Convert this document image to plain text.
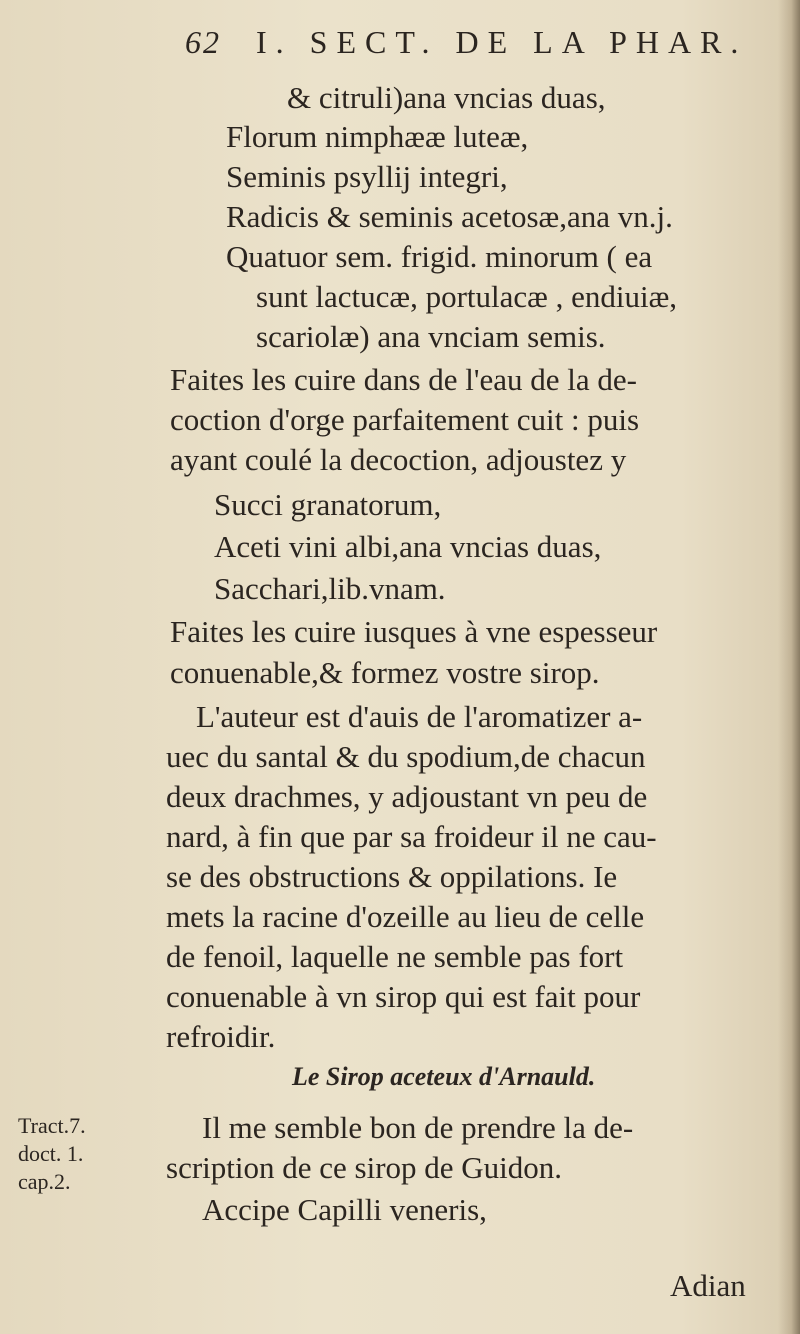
62 I. SECT. DE LA PHAR.
& citruli)ana vncias duas,
Florum nimphææ luteæ,
Seminis psyllij integri,
Radicis & seminis acetosæ,ana vn.j.
Quatuor sem. frigid. minorum ( ea
sunt lactucæ, portulacæ , endiuiæ,
scariolæ) ana vnciam semis.
Faites les cuire dans de l'eau de la de-
coction d'orge parfaitement cuit : puis
ayant coulé la decoction, adjoustez y
Succi granatorum,
Aceti vini albi,ana vncias duas,
Sacchari,lib.vnam.
Faites les cuire iusques à vne espesseur
conuenable,& formez vostre sirop.
L'auteur est d'auis de l'aromatizer a-
uec du santal & du spodium,de chacun
deux drachmes, y adjoustant vn peu de
nard, à fin que par sa froideur il ne cau-
se des obstructions & oppilations. Ie
mets la racine d'ozeille au lieu de celle
de fenoil, laquelle ne semble pas fort
conuenable à vn sirop qui est fait pour
refroidir.
Le Sirop aceteux d'Arnauld.
Il me semble bon de prendre la de-
scription de ce sirop de Guidon.
Accipe Capilli veneris,
Tract.7.
doct. 1.
cap.2.
Adian
